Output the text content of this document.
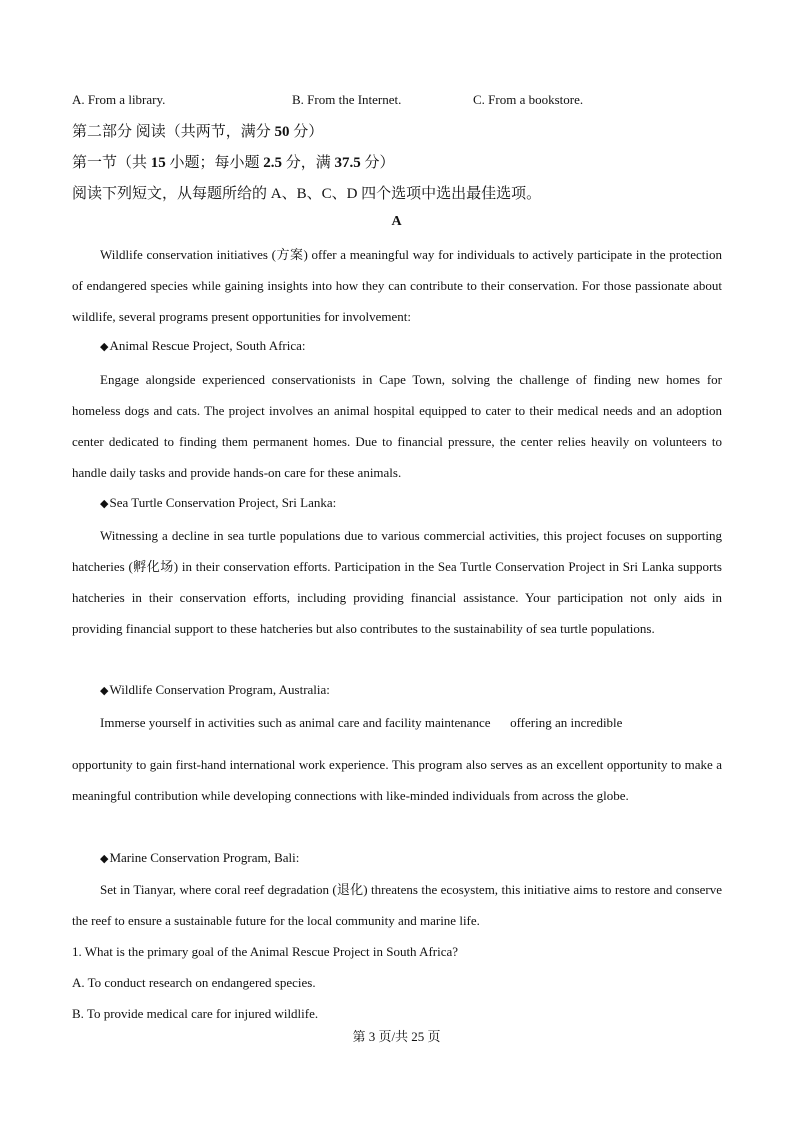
A. From a library.	B. From the Internet.	C. From a bookstore.
第二部分 阅读（共两节，满分 50 分）
第一节（共 15 小题；每小题 2.5 分，满 37.5 分）
阅读下列短文，从每题所给的 A、B、C、D 四个选项中选出最佳选项。
A
Wildlife conservation initiatives (方案) offer a meaningful way for individuals to actively participate in the protection of endangered species while gaining insights into how they can contribute to their conservation. For those passionate about wildlife, several programs present opportunities for involvement:
◆Animal Rescue Project, South Africa:
Engage alongside experienced conservationists in Cape Town, solving the challenge of finding new homes for homeless dogs and cats. The project involves an animal hospital equipped to cater to their medical needs and an adoption center dedicated to finding them permanent homes. Due to financial pressure, the center relies heavily on volunteers to handle daily tasks and provide hands-on care for these animals.
◆Sea Turtle Conservation Project, Sri Lanka:
Witnessing a decline in sea turtle populations due to various commercial activities, this project focuses on supporting hatcheries (孵化场) in their conservation efforts. Participation in the Sea Turtle Conservation Project in Sri Lanka supports hatcheries in their conservation efforts, including providing financial assistance. Your participation not only aids in providing financial support to these hatcheries but also contributes to the sustainability of sea turtle populations.
◆Wildlife Conservation Program, Australia:
Immerse yourself in activities such as animal care and facility maintenance      offering an incredible
opportunity to gain first-hand international work experience. This program also serves as an excellent opportunity to make a meaningful contribution while developing connections with like-minded individuals from across the globe.
◆Marine Conservation Program, Bali:
Set in Tianyar, where coral reef degradation (退化) threatens the ecosystem, this initiative aims to restore and conserve the reef to ensure a sustainable future for the local community and marine life.
1. What is the primary goal of the Animal Rescue Project in South Africa?
A. To conduct research on endangered species.
B. To provide medical care for injured wildlife.
第 3 页/共 25 页
